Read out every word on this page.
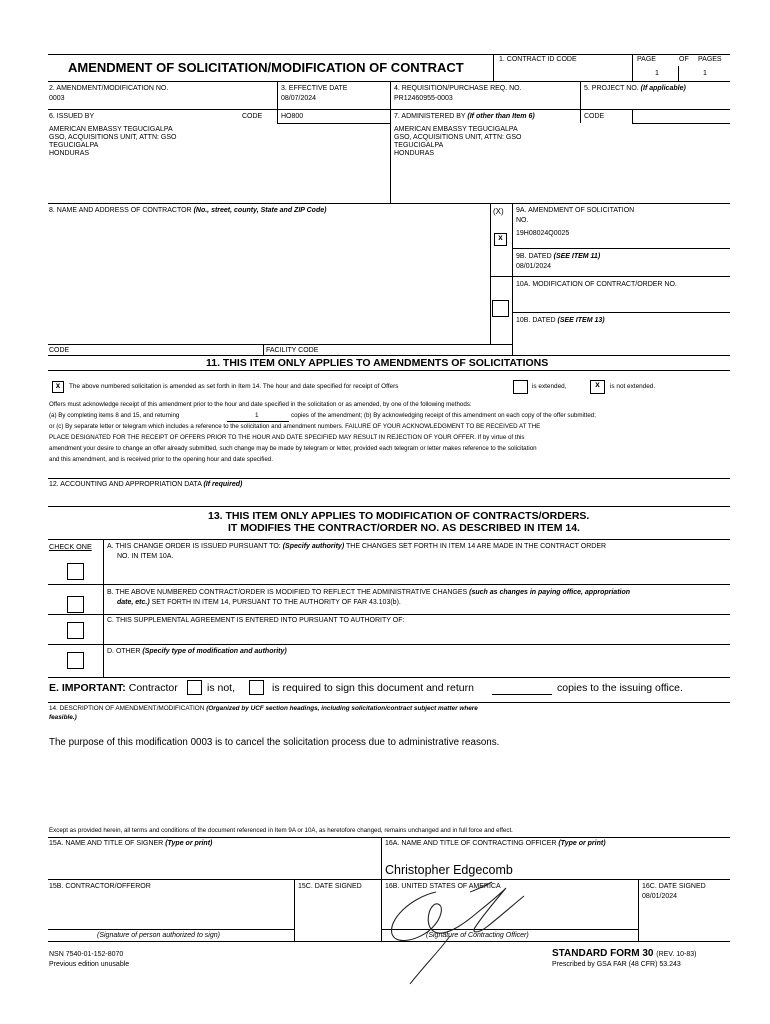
AMENDMENT OF SOLICITATION/MODIFICATION OF CONTRACT
1. CONTRACT ID CODE	PAGE	OF PAGES
1	1
2. AMENDMENT/MODIFICATION NO.
0003
3. EFFECTIVE DATE
08/07/2024
4. REQUISITION/PURCHASE REQ. NO.
PR12460955-0003
5. PROJECT NO. (If applicable)
6. ISSUED BY	CODE	HO800
AMERICAN EMBASSY TEGUCIGALPA
GSO, ACQUISITIONS UNIT, ATTN: GSO
TEGUCIGALPA
HONDURAS
7. ADMINISTERED BY (If other than Item 6)	CODE
AMERICAN EMBASSY TEGUCIGALPA
GSO, ACQUISITIONS UNIT, ATTN: GSO
TEGUCIGALPA
HONDURAS
8. NAME AND ADDRESS OF CONTRACTOR (No., street, county, State and ZIP Code)	(X)
x
9A. AMENDMENT OF SOLICITATION
NO.
19H08024Q0025
9B. DATED (SEE ITEM 11)
08/01/2024
10A. MODIFICATION OF CONTRACT/ORDER NO.
10B. DATED (SEE ITEM 13)
CODE	FACILITY CODE
11. THIS ITEM ONLY APPLIES TO AMENDMENTS OF SOLICITATIONS
x	The above numbered solicitation is amended as set forth in Item 14. The hour and date specified for receipt of Offers	is extended,	x	is not extended.
Offers must acknowledge receipt of this amendment prior to the hour and date specified in the solicitation or as amended, by one of the following methods:
(a) By completing items 8 and 15, and returning	1	copies of the amendment; (b) By acknowledging receipt of this amendment on each copy of the offer submitted;
or (c) By separate letter or telegram which includes a reference to the solicitation and amendment numbers. FAILURE OF YOUR ACKNOWLEDGMENT TO BE RECEIVED AT THE
PLACE DESIGNATED FOR THE RECEIPT OF OFFERS PRIOR TO THE HOUR AND DATE SPECIFIED MAY RESULT IN REJECTION OF YOUR OFFER. If by virtue of this
amendment your desire to change an offer already submitted, such change may be made by telegram or letter, provided each telegram or letter makes reference to the solicitation
and this amendment, and is received prior to the opening hour and date specified.
12. ACCOUNTING AND APPROPRIATION DATA (If required)
13. THIS ITEM ONLY APPLIES TO MODIFICATION OF CONTRACTS/ORDERS.
IT MODIFIES THE CONTRACT/ORDER NO. AS DESCRIBED IN ITEM 14.
CHECK ONE A. THIS CHANGE ORDER IS ISSUED PURSUANT TO: (Specify authority) THE CHANGES SET FORTH IN ITEM 14 ARE MADE IN THE CONTRACT ORDER
NO. IN ITEM 10A.
B. THE ABOVE NUMBERED CONTRACT/ORDER IS MODIFIED TO REFLECT THE ADMINISTRATIVE CHANGES (such as changes in paying office, appropriation
date, etc.) SET FORTH IN ITEM 14, PURSUANT TO THE AUTHORITY OF FAR 43.103(b).
C. THIS SUPPLEMENTAL AGREEMENT IS ENTERED INTO PURSUANT TO AUTHORITY OF:
D. OTHER (Specify type of modification and authority)
E. IMPORTANT: Contractor	is not,	is required to sign this document and return	copies to the issuing office.
14. DESCRIPTION OF AMENDMENT/MODIFICATION (Organized by UCF section headings, including solicitation/contract subject matter where
feasible.)
The purpose of this modification 0003 is to cancel the solicitation process due to administrative reasons.
Except as provided herein, all terms and conditions of the document referenced in Item 9A or 10A, as heretofore changed, remains unchanged and in full force and effect.
15A. NAME AND TITLE OF SIGNER (Type or print)	16A. NAME AND TITLE OF CONTRACTING OFFICER (Type or print)
Christopher Edgecomb
15B. CONTRACTOR/OFFEROR	15C. DATE SIGNED	16B. UNITED STATES OF AMERICA	16C. DATE SIGNED
08/01/2024
(Signature of person authorized to sign)	(Signature of Contracting Officer)
NSN 7540-01-152-8070
Previous edition unusable
STANDARD FORM 30 (REV. 10-83)
Prescribed by GSA FAR (48 CFR) 53.243
